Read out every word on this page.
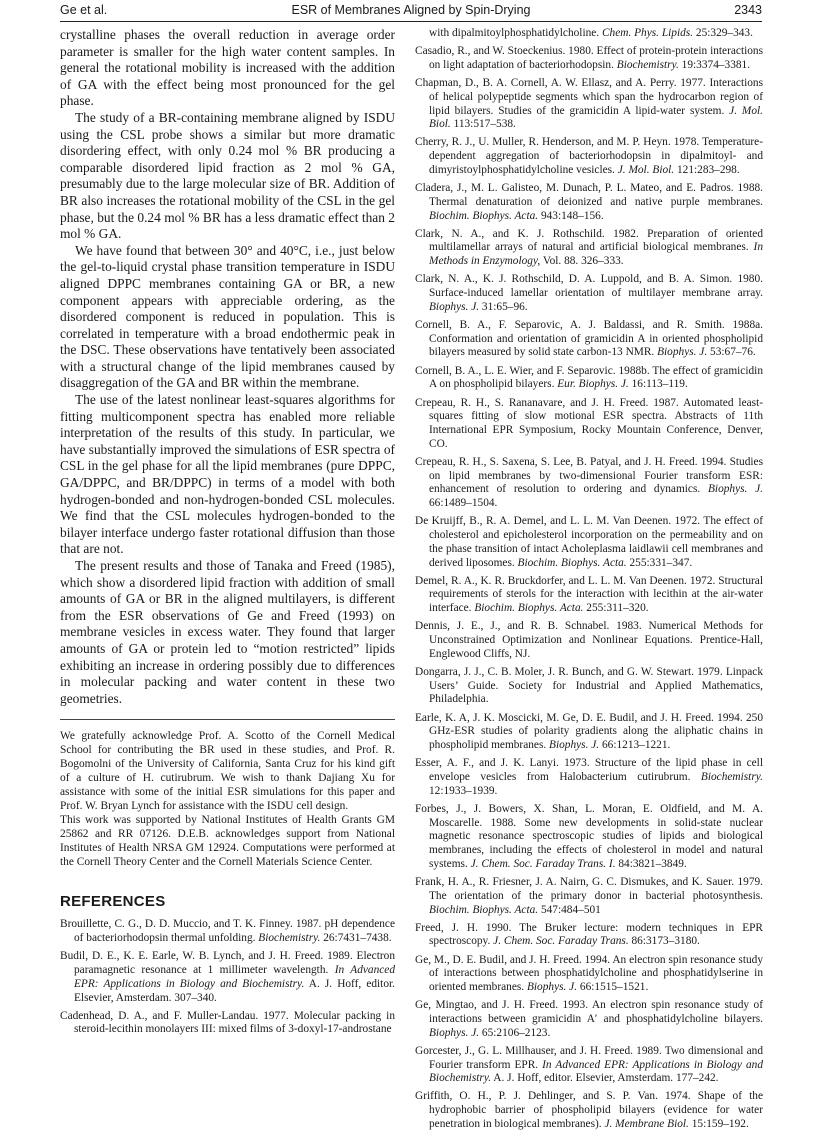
Ge et al.	ESR of Membranes Aligned by Spin-Drying	2343

crystalline phases the overall reduction in average order parameter is smaller for the high water content samples. In general the rotational mobility is increased with the addition of GA with the effect being most pronounced for the gel phase.

The study of a BR-containing membrane aligned by ISDU using the CSL probe shows a similar but more dramatic disordering effect, with only 0.24 mol % BR producing a comparable disordered lipid fraction as 2 mol % GA, presumably due to the large molecular size of BR. Addition of BR also increases the rotational mobility of the CSL in the gel phase, but the 0.24 mol % BR has a less dramatic effect than 2 mol % GA.

We have found that between 30° and 40°C, i.e., just below the gel-to-liquid crystal phase transition temperature in ISDU aligned DPPC membranes containing GA or BR, a new component appears with appreciable ordering, as the disordered component is reduced in population. This is correlated in temperature with a broad endothermic peak in the DSC. These observations have tentatively been associated with a structural change of the lipid membranes caused by disaggregation of the GA and BR within the membrane.

The use of the latest nonlinear least-squares algorithms for fitting multicomponent spectra has enabled more reliable interpretation of the results of this study. In particular, we have substantially improved the simulations of ESR spectra of CSL in the gel phase for all the lipid membranes (pure DPPC, GA/DPPC, and BR/DPPC) in terms of a model with both hydrogen-bonded and non-hydrogen-bonded CSL molecules. We find that the CSL molecules hydrogen-bonded to the bilayer interface undergo faster rotational diffusion than those that are not.

The present results and those of Tanaka and Freed (1985), which show a disordered lipid fraction with addition of small amounts of GA or BR in the aligned multilayers, is different from the ESR observations of Ge and Freed (1993) on membrane vesicles in excess water. They found that larger amounts of GA or protein led to “motion restricted” lipids exhibiting an increase in ordering possibly due to differences in molecular packing and water content in these two geometries.

We gratefully acknowledge Prof. A. Scotto of the Cornell Medical School for contributing the BR used in these studies, and Prof. R. Bogomolni of the University of California, Santa Cruz for his kind gift of a culture of H. cutirubrum. We wish to thank Dajiang Xu for assistance with some of the initial ESR simulations for this paper and Prof. W. Bryan Lynch for assistance with the ISDU cell design.

This work was supported by National Institutes of Health Grants GM 25862 and RR 07126. D.E.B. acknowledges support from National Institutes of Health NRSA GM 12924. Computations were performed at the Cornell Theory Center and the Cornell Materials Science Center.

REFERENCES

Brouillette, C. G., D. D. Muccio, and T. K. Finney. 1987. pH dependence of bacteriorhodopsin thermal unfolding. Biochemistry. 26:7431–7438.

Budil, D. E., K. E. Earle, W. B. Lynch, and J. H. Freed. 1989. Electron paramagnetic resonance at 1 millimeter wavelength. In Advanced EPR: Applications in Biology and Biochemistry. A. J. Hoff, editor. Elsevier, Amsterdam. 307–340.

Cadenhead, D. A., and F. Muller-Landau. 1977. Molecular packing in steroid-lecithin monolayers III: mixed films of 3-doxyl-17-androstane

with dipalmitoylphosphatidylcholine. Chem. Phys. Lipids. 25:329–343.

Casadio, R., and W. Stoeckenius. 1980. Effect of protein-protein interactions on light adaptation of bacteriorhodopsin. Biochemistry. 19:3374–3381.

Chapman, D., B. A. Cornell, A. W. Ellasz, and A. Perry. 1977. Interactions of helical polypeptide segments which span the hydrocarbon region of lipid bilayers. Studies of the gramicidin A lipid-water system. J. Mol. Biol. 113:517–538.

Cherry, R. J., U. Muller, R. Henderson, and M. P. Heyn. 1978. Temperature-dependent aggregation of bacteriorhodopsin in dipalmitoyl- and dimyristoylphosphatidylcholine vesicles. J. Mol. Biol. 121:283–298.

Cladera, J., M. L. Galisteo, M. Dunach, P. L. Mateo, and E. Padros. 1988. Thermal denaturation of deionized and native purple membranes. Biochim. Biophys. Acta. 943:148–156.

Clark, N. A., and K. J. Rothschild. 1982. Preparation of oriented multilamellar arrays of natural and artificial biological membranes. In Methods in Enzymology, Vol. 88. 326–333.

Clark, N. A., K. J. Rothschild, D. A. Luppold, and B. A. Simon. 1980. Surface-induced lamellar orientation of multilayer membrane array. Biophys. J. 31:65–96.

Cornell, B. A., F. Separovic, A. J. Baldassi, and R. Smith. 1988a. Conformation and orientation of gramicidin A in oriented phospholipid bilayers measured by solid state carbon-13 NMR. Biophys. J. 53:67–76.

Cornell, B. A., L. E. Wier, and F. Separovic. 1988b. The effect of gramicidin A on phospholipid bilayers. Eur. Biophys. J. 16:113–119.

Crepeau, R. H., S. Rananavare, and J. H. Freed. 1987. Automated least-squares fitting of slow motional ESR spectra. Abstracts of 11th International EPR Symposium, Rocky Mountain Conference, Denver, CO.

Crepeau, R. H., S. Saxena, S. Lee, B. Patyal, and J. H. Freed. 1994. Studies on lipid membranes by two-dimensional Fourier transform ESR: enhancement of resolution to ordering and dynamics. Biophys. J. 66:1489–1504.

De Kruijff, B., R. A. Demel, and L. L. M. Van Deenen. 1972. The effect of cholesterol and epicholesterol incorporation on the permeability and on the phase transition of intact Acholeplasma laidlawii cell membranes and derived liposomes. Biochim. Biophys. Acta. 255:331–347.

Demel, R. A., K. R. Bruckdorfer, and L. L. M. Van Deenen. 1972. Structural requirements of sterols for the interaction with lecithin at the air-water interface. Biochim. Biophys. Acta. 255:311–320.

Dennis, J. E., J., and R. B. Schnabel. 1983. Numerical Methods for Unconstrained Optimization and Nonlinear Equations. Prentice-Hall, Englewood Cliffs, NJ.

Dongarra, J. J., C. B. Moler, J. R. Bunch, and G. W. Stewart. 1979. Linpack Users’ Guide. Society for Industrial and Applied Mathematics, Philadelphia.

Earle, K. A, J. K. Moscicki, M. Ge, D. E. Budil, and J. H. Freed. 1994. 250 GHz-ESR studies of polarity gradients along the aliphatic chains in phospholipid membranes. Biophys. J. 66:1213–1221.

Esser, A. F., and J. K. Lanyi. 1973. Structure of the lipid phase in cell envelope vesicles from Halobacterium cutirubrum. Biochemistry. 12:1933–1939.

Forbes, J., J. Bowers, X. Shan, L. Moran, E. Oldfield, and M. A. Moscarelle. 1988. Some new developments in solid-state nuclear magnetic resonance spectroscopic studies of lipids and biological membranes, including the effects of cholesterol in model and natural systems. J. Chem. Soc. Faraday Trans. I. 84:3821–3849.

Frank, H. A., R. Friesner, J. A. Nairn, G. C. Dismukes, and K. Sauer. 1979. The orientation of the primary donor in bacterial photosynthesis. Biochim. Biophys. Acta. 547:484–501

Freed, J. H. 1990. The Bruker lecture: modern techniques in EPR spectroscopy. J. Chem. Soc. Faraday Trans. 86:3173–3180.

Ge, M., D. E. Budil, and J. H. Freed. 1994. An electron spin resonance study of interactions between phosphatidylcholine and phosphatidylserine in oriented membranes. Biophys. J. 66:1515–1521.

Ge, Mingtao, and J. H. Freed. 1993. An electron spin resonance study of interactions between gramicidin A′ and phosphatidylcholine bilayers. Biophys. J. 65:2106–2123.

Gorcester, J., G. L. Millhauser, and J. H. Freed. 1989. Two dimensional and Fourier transform EPR. In Advanced EPR: Applications in Biology and Biochemistry. A. J. Hoff, editor. Elsevier, Amsterdam. 177–242.

Griffith, O. H., P. J. Dehlinger, and S. P. Van. 1974. Shape of the hydrophobic barrier of phospholipid bilayers (evidence for water penetration in biological membranes). J. Membrane Biol. 15:159–192.
